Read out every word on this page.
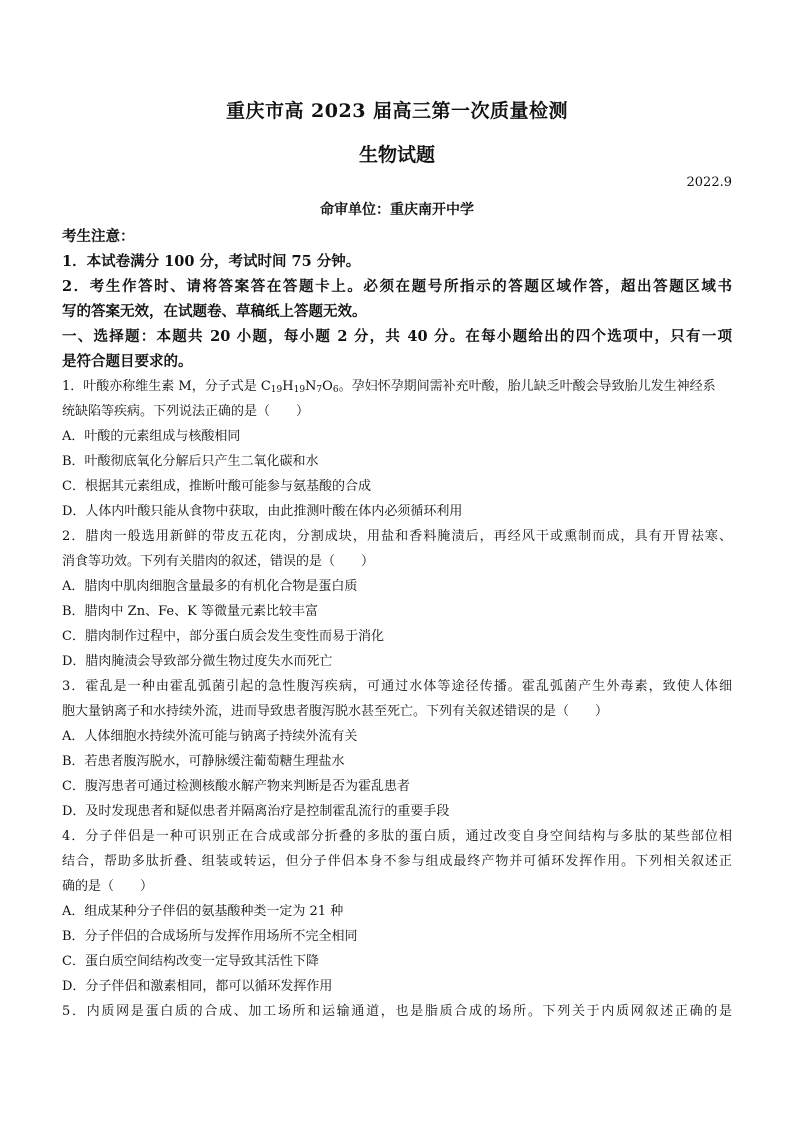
重庆市高 2023 届高三第一次质量检测
生物试题
2022.9
命审单位：重庆南开中学
考生注意：
1．本试卷满分 100 分，考试时间 75 分钟。
2．考生作答时、请将答案答在答题卡上。必须在题号所指示的答题区域作答，超出答题区域书
写的答案无效，在试题卷、草稿纸上答题无效。
一、选择题：本题共 20 小题，每小题 2 分，共 40 分。在每小题给出的四个选项中，只有一项
是符合题目要求的。
1．叶酸亦称维生素 M，分子式是 $C_{19}H_{19}N_7O_6$。孕妇怀孕期间需补充叶酸，胎儿缺乏叶酸会导致胎儿发生神经系
统缺陷等疾病。下列说法正确的是（　　）
A．叶酸的元素组成与核酸相同
B．叶酸彻底氧化分解后只产生二氧化碳和水
C．根据其元素组成，推断叶酸可能参与氨基酸的合成
D．人体内叶酸只能从食物中获取，由此推测叶酸在体内必须循环利用
2．腊肉一般选用新鲜的带皮五花肉，分割成块，用盐和香料腌渍后，再经风干或熏制而成，具有开胃祛寒、
消食等功效。下列有关腊肉的叙述，错误的是（　　）
A．腊肉中肌肉细胞含量最多的有机化合物是蛋白质
B．腊肉中 Zn、Fe、K 等微量元素比较丰富
C．腊肉制作过程中，部分蛋白质会发生变性而易于消化
D．腊肉腌渍会导致部分微生物过度失水而死亡
3．霍乱是一种由霍乱弧菌引起的急性腹泻疾病，可通过水体等途径传播。霍乱弧菌产生外毒素，致使人体细
胞大量钠离子和水持续外流，进而导致患者腹泻脱水甚至死亡。下列有关叙述错误的是（　　）
A．人体细胞水持续外流可能与钠离子持续外流有关
B．若患者腹泻脱水，可静脉缓注葡萄糖生理盐水
C．腹泻患者可通过检测核酸水解产物来判断是否为霍乱患者
D．及时发现患者和疑似患者并隔离治疗是控制霍乱流行的重要手段
4．分子伴侣是一种可识别正在合成或部分折叠的多肽的蛋白质，通过改变自身空间结构与多肽的某些部位相
结合，帮助多肽折叠、组装或转运，但分子伴侣本身不参与组成最终产物并可循环发挥作用。下列相关叙述正
确的是（　　）
A．组成某种分子伴侣的氨基酸种类一定为 21 种
B．分子伴侣的合成场所与发挥作用场所不完全相同
C．蛋白质空间结构改变一定导致其活性下降
D．分子伴侣和激素相同，都可以循环发挥作用
5．内质网是蛋白质的合成、加工场所和运输通道，也是脂质合成的场所。下列关于内质网叙述正确的是
